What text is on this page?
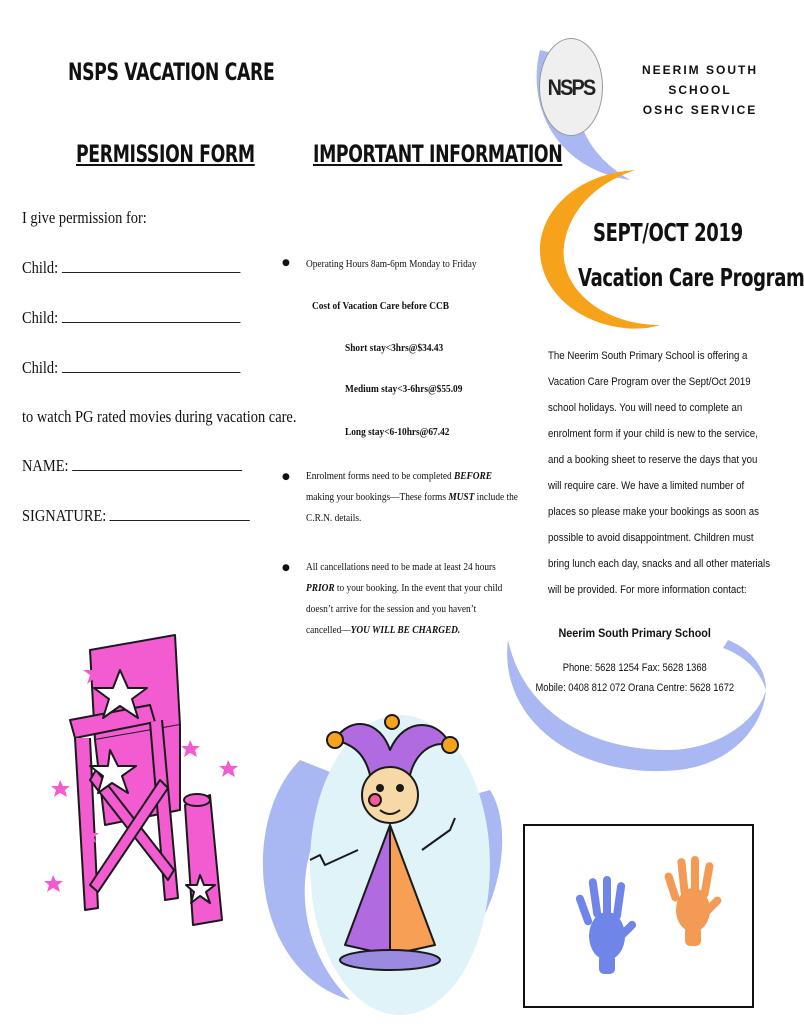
NSPS VACATION CARE
PERMISSION FORM
I give permission for:
Child:
Child:
Child:
to watch PG rated movies during vacation care.
NAME:
SIGNATURE:
IMPORTANT INFORMATION
● Operating Hours 8am-6pm Monday to Friday
Cost of Vacation Care before CCB
Short stay<3hrs@$34.43
Medium stay<3-6hrs@$55.09
Long stay<6-10hrs@67.42
● Enrolment forms need to be completed BEFORE
making your bookings—These forms MUST include the
C.R.N. details.
● All cancellations need to be made at least 24 hours
PRIOR to your booking. In the event that your child
doesn’t arrive for the session and you haven’t
cancelled—YOU WILL BE CHARGED.
NSPS
NEERIM SOUTH
SCHOOL
OSHC SERVICE
SEPT/OCT 2019
Vacation Care Program
The Neerim South Primary School is offering a
Vacation Care Program over the Sept/Oct 2019
school holidays. You will need to complete an
enrolment form if your child is new to the service,
and a booking sheet to reserve the days that you
will require care. We have a limited number of
places so please make your bookings as soon as
possible to avoid disappointment. Children must
bring lunch each day, snacks and all other materials
will be provided. For more information contact:
Neerim South Primary School
Phone: 5628 1254 Fax: 5628 1368
Mobile: 0408 812 072 Orana Centre: 5628 1672
